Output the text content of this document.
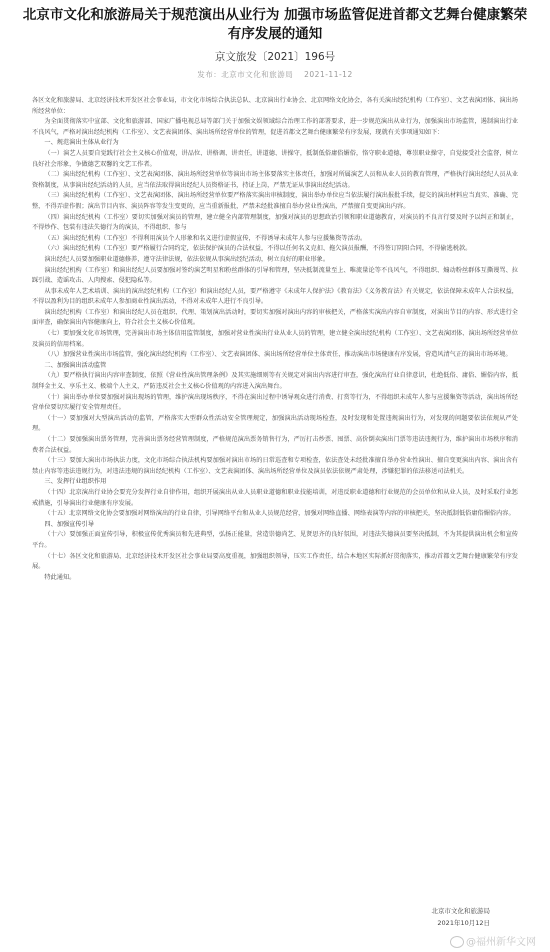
北京市文化和旅游局关于规范演出从业行为 加强市场监管促进首都文艺舞台健康繁荣有序发展的通知
京文旅发〔2021〕196号
发布：北京市文化和旅游局 2021-11-12

各区文化和旅游局、北京经济技术开发区社会事业局，市文化市场综合执法总队、北京演出行业协会、北京网络文化协会，各有关演出经纪机构（工作室）、文艺表演团体、演出场所经营单位：

为全面贯彻落实中宣部、文化和旅游部、国家广播电视总局等部门关于加强文娱领域综合治理工作的部署要求，进一步规范演出从业行为，加强演出市场监管，遏制演出行业不良风气，严格对演出经纪机构（工作室）、文艺表演团体、演出场所经营单位的管理，促进首都文艺舞台健康繁荣有序发展，现就有关事项通知如下：

一、规范演出主体从业行为

（一）演艺人员要自觉践行社会主义核心价值观，讲品位、讲格调、讲责任，讲道德、讲操守，抵制低俗庸俗媚俗，恪守职业道德，尊崇职业操守，自觉接受社会监督，树立良好社会形象，争做德艺双馨的文艺工作者。

（二）演出经纪机构（工作室）、文艺表演团体、演出场所经营单位等演出市场主体要落实主体责任，加强对所属演艺人员和从业人员的教育管理，严格执行演出经纪人员从业资格制度，从事演出经纪活动的人员，应当依法取得演出经纪人员资格证书，持证上岗，严禁无证从事演出经纪活动。

（三）演出经纪机构（工作室）、文艺表演团体、演出场所经营单位要严格落实演出审核制度，演出举办单位应当依法履行演出报批手续，提交的演出材料应当真实、准确、完整，不得弄虚作假；演出节目内容、演员阵容等发生变更的，应当重新报批，严禁未经批准擅自举办营业性演出，严禁擅自变更演出内容。

（四）演出经纪机构（工作室）要切实加强对演员的管理，建立健全内部管理制度，加强对演员的思想政治引领和职业道德教育，对演员的不良言行要及时予以纠正和制止，不得炒作、包装有违法失德行为的演员，不得组织、参与

（五）演出经纪机构（工作室）不得利用演员个人形象和名义进行虚假宣传，不得诱导未成年人参与应援集资等活动。

（六）演出经纪机构（工作室）要严格履行合同约定，依法保护演员的合法权益，不得以任何名义克扣、拖欠演员报酬，不得签订阴阳合同，不得偷逃税款。

演出经纪人员要加强职业道德修养，遵守法律法规，依法依规从事演出经纪活动，树立良好的职业形象。

演出经纪机构（工作室）和演出经纪人员要加强对签约演艺明星和粉丝群体的引导和管理，坚决抵制流量至上、唯流量论等不良风气，不得组织、煽动粉丝群体互撕谩骂、拉踩引战、造谣攻击、人肉搜索、侵犯隐私等。

从事未成年人艺术培训、演出的演出经纪机构（工作室）和演出经纪人员，要严格遵守《未成年人保护法》《教育法》《义务教育法》有关规定，依法保障未成年人合法权益，不得以盈利为目的组织未成年人参加商业性演出活动，不得对未成年人进行不良引导。

演出经纪机构（工作室）和演出经纪人员在组织、代理、策划演出活动时，要切实加强对演出内容的审核把关，严格落实演出内容自审制度，对演出节目的内容、形式进行全面审查，确保演出内容健康向上，符合社会主义核心价值观。

（七）要加强文化市场管理，完善演出市场主体信用监管制度，加强对营业性演出行业从业人员的管理，建立健全演出经纪机构（工作室）、文艺表演团体、演出场所经营单位及演员的信用档案。

（八）加强营业性演出市场监管，强化演出经纪机构（工作室）、文艺表演团体、演出场所经营单位主体责任，推动演出市场健康有序发展，营造风清气正的演出市场环境。

二、加强演出活动监管

（九）要严格执行演出内容审查制度，依照《营业性演出管理条例》及其实施细则等有关规定对演出内容进行审查，强化演出行业自律意识，杜绝低俗、庸俗、媚俗内容，抵制拜金主义、享乐主义、极端个人主义，严防违反社会主义核心价值观的内容进入演出舞台。

（十）演出举办单位要加强对演出现场的管理，维护演出现场秩序，不得在演出过程中诱导观众进行消费、打赏等行为，不得组织未成年人参与应援集资等活动，演出场所经营单位要切实履行安全管理责任。

（十一）要加强对大型演出活动的监管，严格落实大型群众性活动安全管理规定，加强演出活动现场检查，及时发现和处置违规演出行为，对发现的问题要依法依规从严处理。

（十二）要加强演出票务管理，完善演出票务经营管理制度，严格规范演出票务销售行为，严厉打击炒票、囤票、高价倒卖演出门票等违法违规行为，维护演出市场秩序和消费者合法权益。

（十三）要加大演出市场执法力度，文化市场综合执法机构要加强对演出市场的日常巡查和专项检查，依法查处未经批准擅自举办营业性演出、擅自变更演出内容、演出含有禁止内容等违法违规行为，对违法违规的演出经纪机构（工作室）、文艺表演团体、演出场所经营单位及演员依法依规严肃处理，涉嫌犯罪的依法移送司法机关。

三、发挥行业组织作用

（十四）北京演出行业协会要充分发挥行业自律作用，组织开展演出从业人员职业道德和职业技能培训，对违反职业道德和行业规范的会员单位和从业人员，及时采取行业惩戒措施，引导演出行业健康有序发展。

（十五）北京网络文化协会要加强对网络演出的行业自律，引导网络平台和从业人员规范经营，加强对网络直播、网络表演等内容的审核把关，坚决抵制低俗庸俗媚俗内容。

四、加强宣传引导

（十六）要加强正面宣传引导，积极宣传优秀演员和先进典型，弘扬正能量，营造崇德尚艺、见贤思齐的良好氛围，对违法失德演员要坚决抵制，不为其提供演出机会和宣传平台。

（十七）各区文化和旅游局、北京经济技术开发区社会事业局要高度重视，加强组织领导，压实工作责任，结合本地区实际抓好贯彻落实，推动首都文艺舞台健康繁荣有序发展。

特此通知。

北京市文化和旅游局
2021年10月12日
@福州新华文网
